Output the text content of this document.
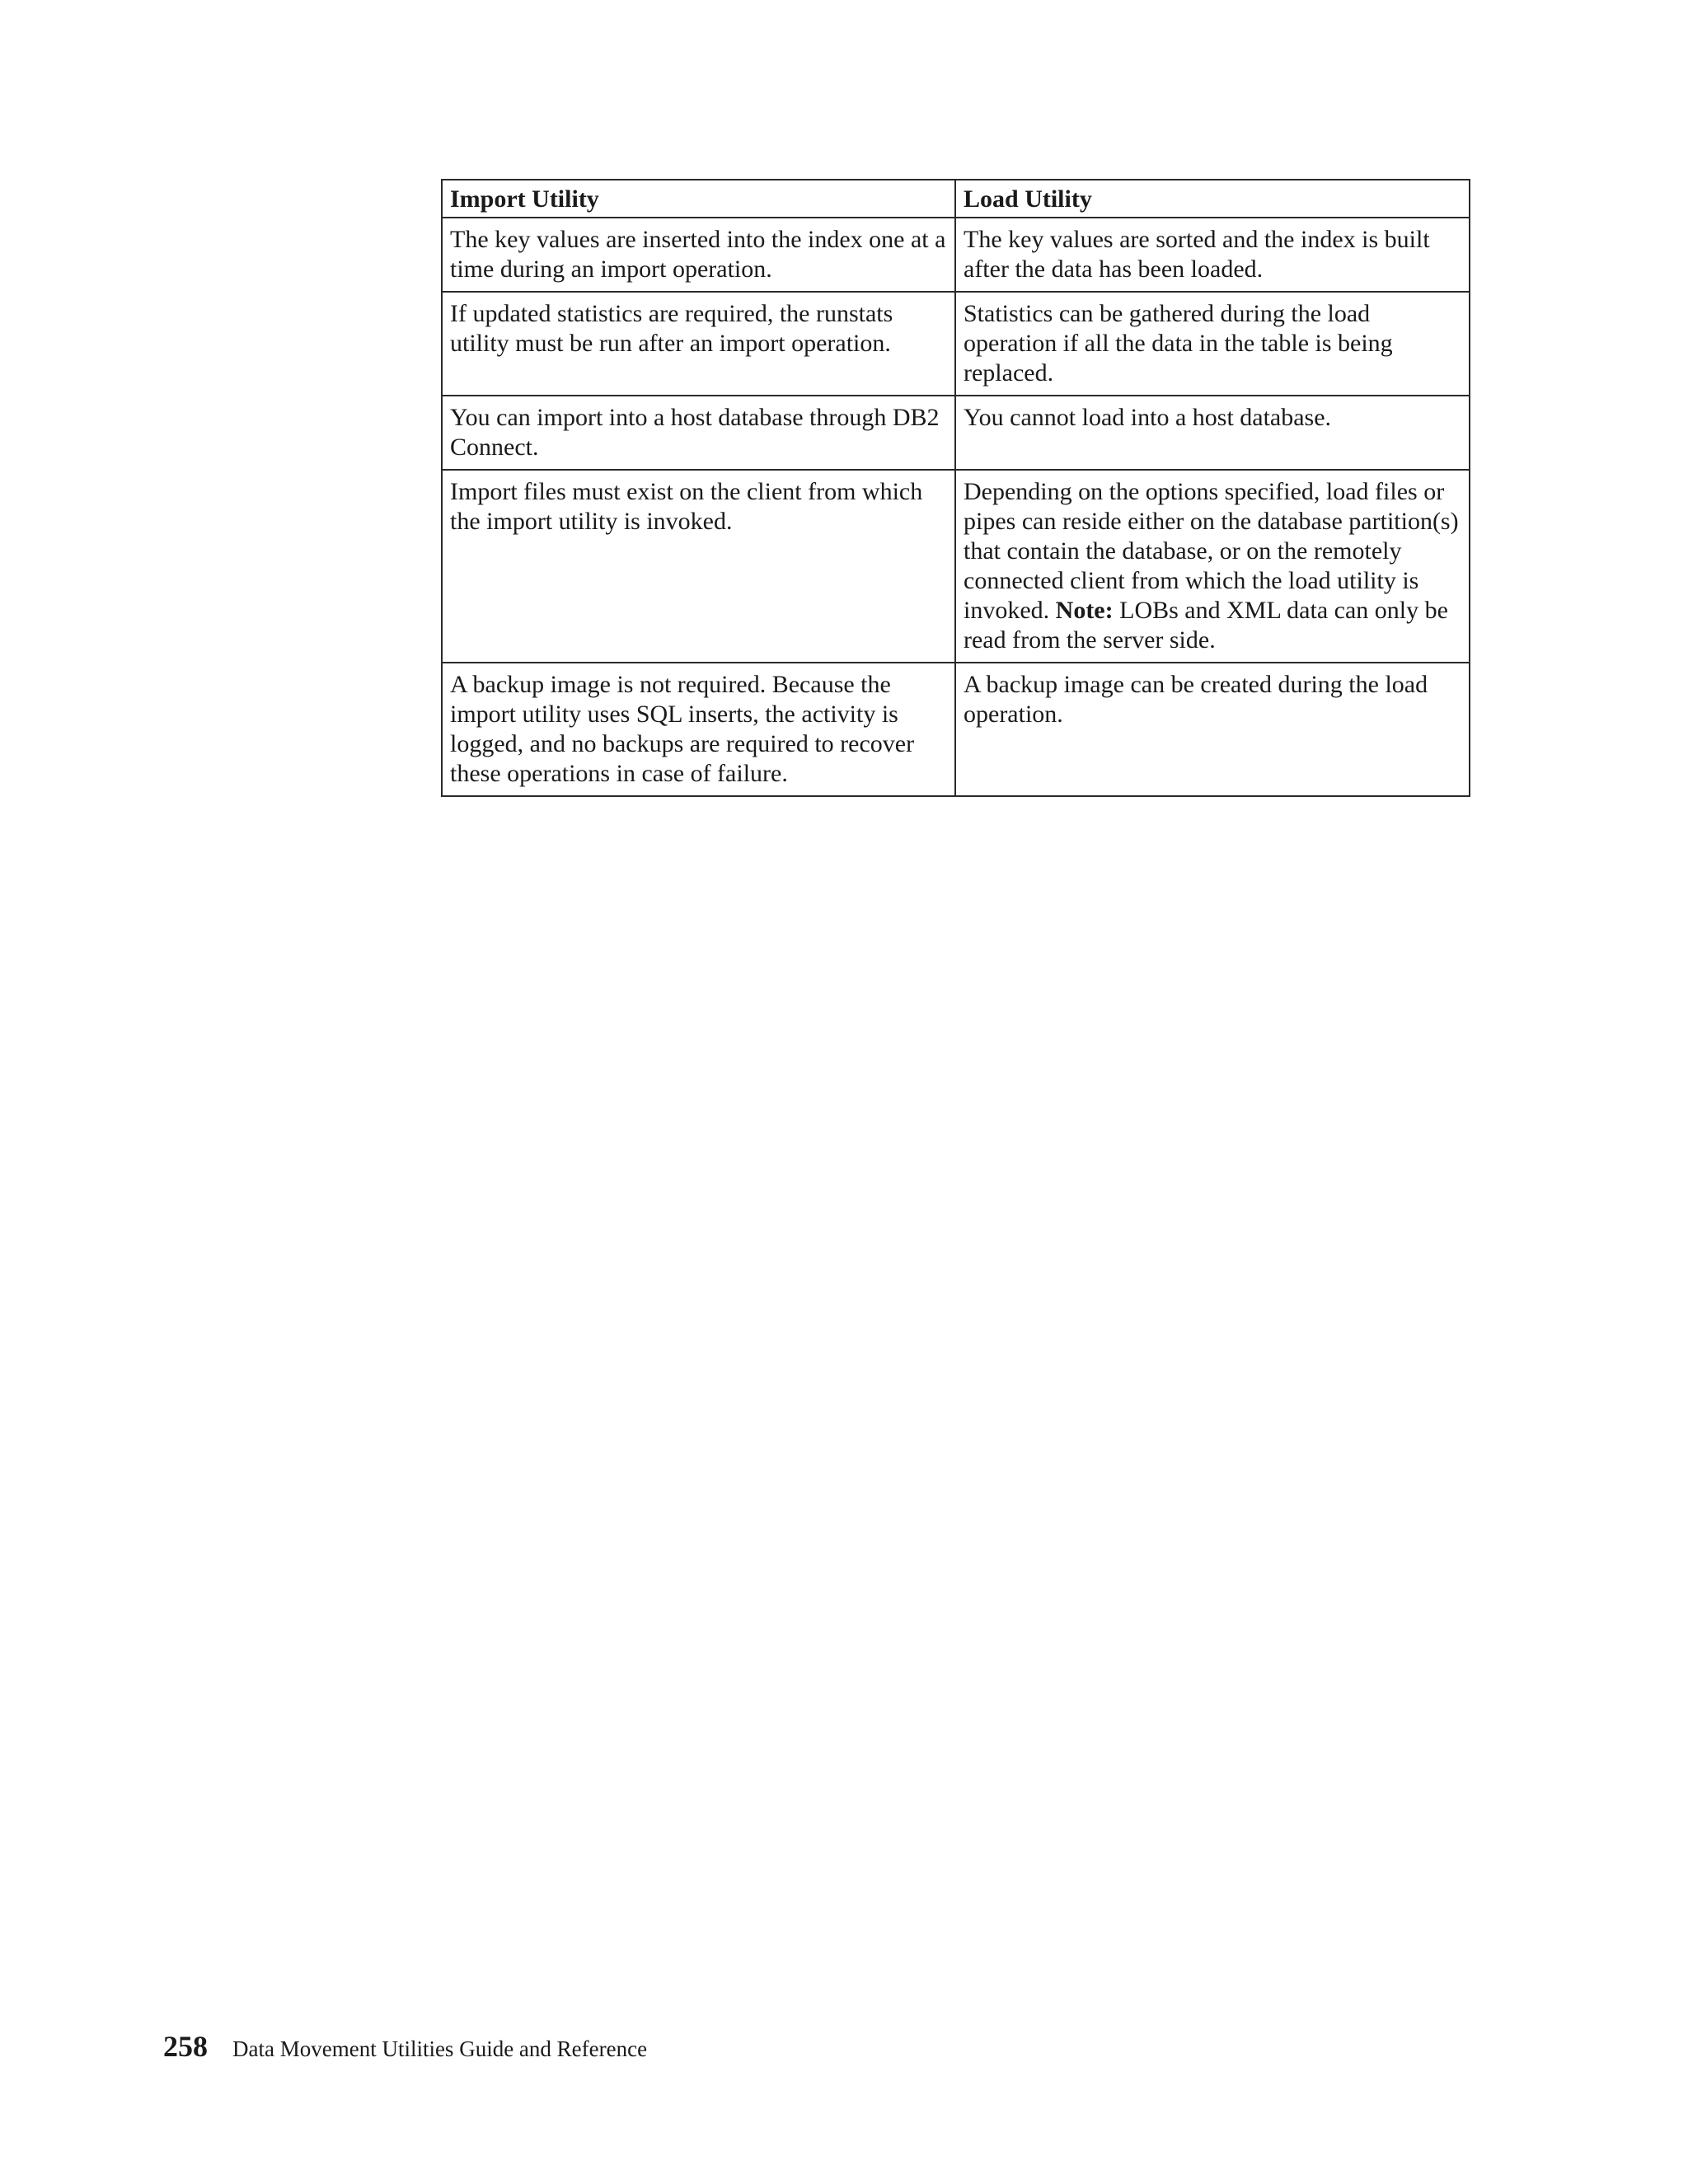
Import Utility	Load Utility
The key values are inserted into the index one at a time during an import operation.	The key values are sorted and the index is built after the data has been loaded.
If updated statistics are required, the runstats utility must be run after an import operation.	Statistics can be gathered during the load operation if all the data in the table is being replaced.
You can import into a host database through DB2 Connect.	You cannot load into a host database.
Import files must exist on the client from which the import utility is invoked.	Depending on the options specified, load files or pipes can reside either on the database partition(s) that contain the database, or on the remotely connected client from which the load utility is invoked. Note: LOBs and XML data can only be read from the server side.
A backup image is not required. Because the import utility uses SQL inserts, the activity is logged, and no backups are required to recover these operations in case of failure.	A backup image can be created during the load operation.
258 Data Movement Utilities Guide and Reference
